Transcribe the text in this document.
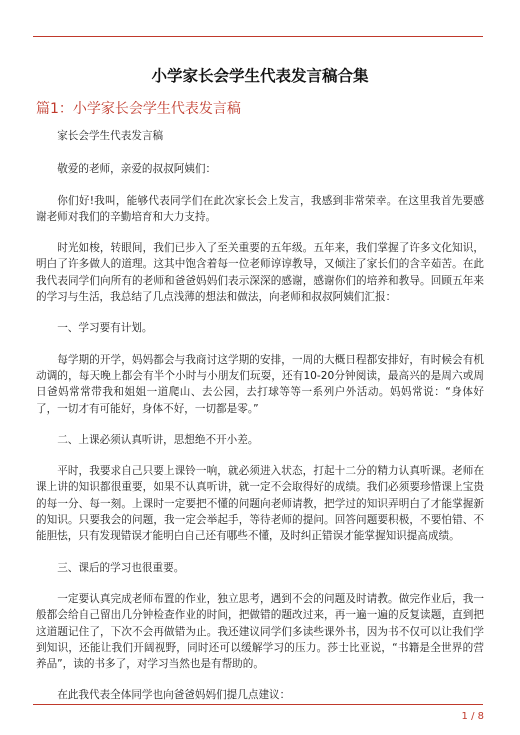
小学家长会学生代表发言稿合集
篇1：小学家长会学生代表发言稿

家长会学生代表发言稿

敬爱的老师，亲爱的叔叔阿姨们：

你们好!我叫，能够代表同学们在此次家长会上发言，我感到非常荣幸。在这里我首先要感谢老师对我们的辛勤培育和大力支持。

时光如梭，转眼间，我们已步入了至关重要的五年级。五年来，我们掌握了许多文化知识，明白了许多做人的道理。这其中饱含着每一位老师谆谆教导，又倾注了家长们的含辛茹苦。在此我代表同学们向所有的老师和爸爸妈妈们表示深深的感谢，感谢你们的培养和教导。回顾五年来的学习与生活，我总结了几点浅薄的想法和做法，向老师和叔叔阿姨们汇报：

一、学习要有计划。

每学期的开学，妈妈都会与我商讨这学期的安排，一周的大概日程都安排好，有时候会有机动调的，每天晚上都会有半个小时与小朋友们玩耍，还有10-20分钟阅读，最高兴的是周六或周日爸妈常常带我和姐姐一道爬山、去公园，去打球等等一系列户外活动。妈妈常说：“身体好了，一切才有可能好，身体不好，一切都是零。”

二、上课必须认真听讲，思想绝不开小差。

平时，我要求自己只要上课铃一响，就必须进入状态，打起十二分的精力认真听课。老师在课上讲的知识都很重要，如果不认真听讲，就一定不会取得好的成绩。我们必须要珍惜课上宝贵的每一分、每一刻。上课时一定要把不懂的问题向老师请教，把学过的知识弄明白了才能掌握新的知识。只要我会的问题，我一定会举起手，等待老师的提问。回答问题要积极，不要怕错、不能胆怯，只有发现错误才能明白自己还有哪些不懂，及时纠正错误才能掌握知识提高成绩。

三、课后的学习也很重要。

一定要认真完成老师布置的作业，独立思考，遇到不会的问题及时请教。做完作业后，我一般都会给自己留出几分钟检查作业的时间，把做错的题改过来，再一遍一遍的反复读题，直到把这道题记住了，下次不会再做错为止。我还建议同学们多读些课外书，因为书不仅可以让我们学到知识，还能让我们开阔视野，同时还可以缓解学习的压力。莎士比亚说，“书籍是全世界的营养品”，读的书多了，对学习当然也是有帮助的。

在此我代表全体同学也向爸爸妈妈们提几点建议：

1 / 8
